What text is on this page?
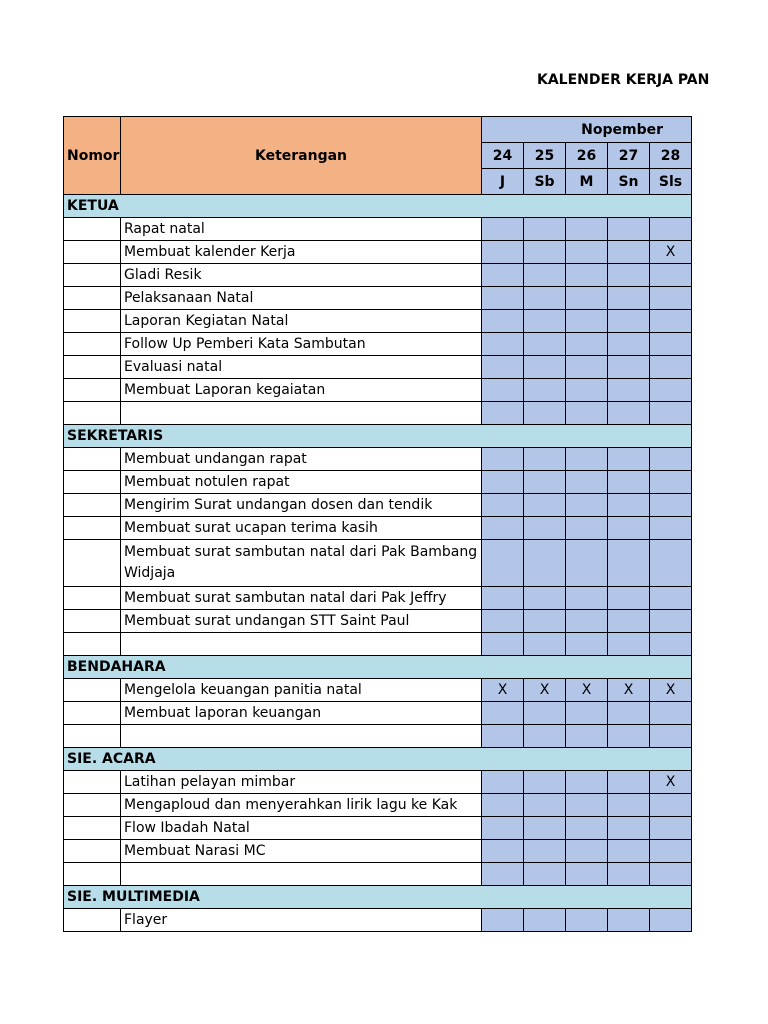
KALENDER KERJA PAN
Nomor	Keterangan	Nopember				
		24	25	26	27	28
		J	Sb	M	Sn	Sls
KETUA						
	Rapat natal					
	Membuat kalender Kerja					X
	Gladi Resik					
	Pelaksanaan Natal					
	Laporan Kegiatan Natal					
	Follow Up Pemberi Kata Sambutan					
	Evaluasi natal					
	Membuat Laporan kegaiatan					

SEKRETARIS						
	Membuat undangan rapat					
	Membuat notulen rapat					
	Mengirim Surat undangan dosen dan tendik					
	Membuat surat ucapan terima kasih					
	Membuat surat sambutan natal dari Pak Bambang Widjaja					
	Membuat surat sambutan natal dari Pak Jeffry					
	Membuat surat undangan STT Saint Paul					

BENDAHARA						
	Mengelola keuangan panitia natal	X	X	X	X	X
	Membuat laporan keuangan					

SIE. ACARA						
	Latihan pelayan mimbar					X
	Mengaploud dan menyerahkan lirik lagu ke Kak					
	Flow Ibadah Natal					
	Membuat Narasi MC					

SIE. MULTIMEDIA						
	Flayer					
